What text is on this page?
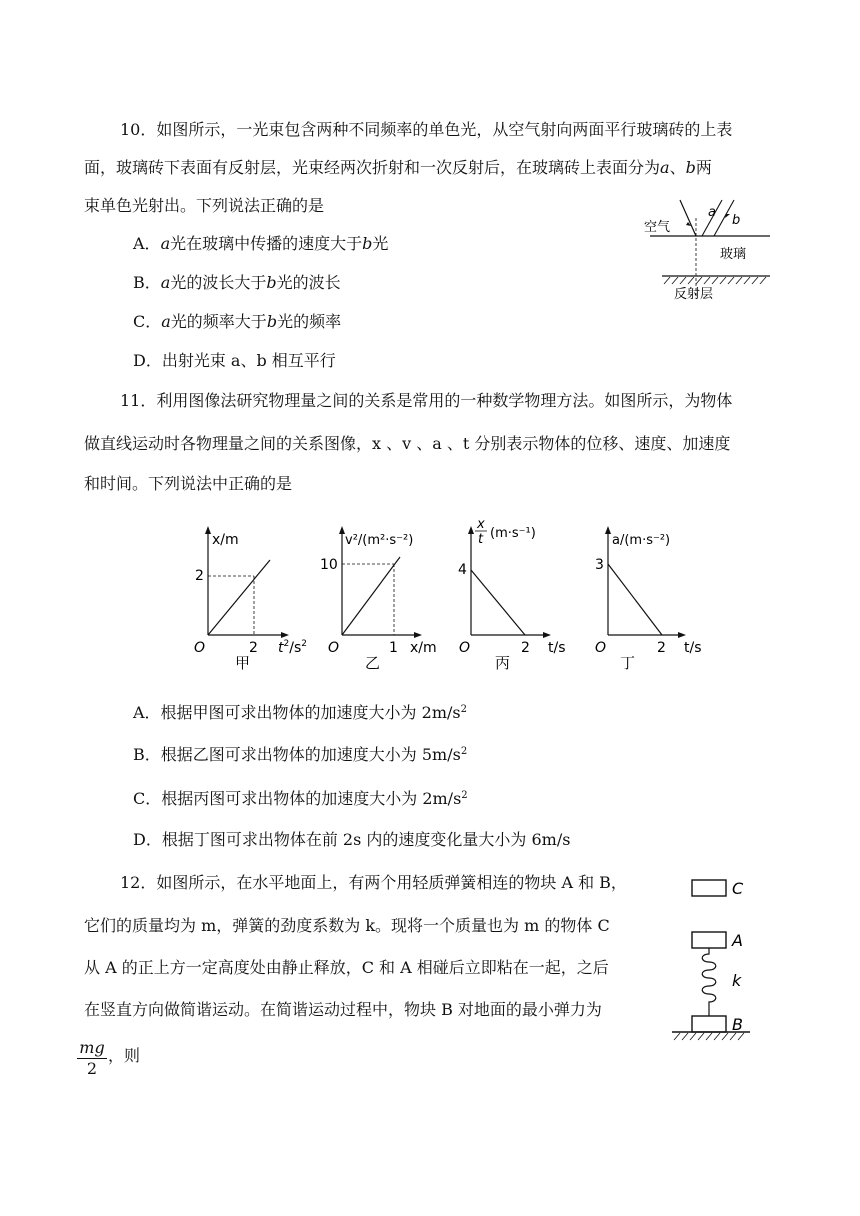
10．如图所示，一光束包含两种不同频率的单色光，从空气射向两面平行玻璃砖的上表
面，玻璃砖下表面有反射层，光束经两次折射和一次反射后，在玻璃砖上表面分为a、b两
束单色光射出。下列说法正确的是
A．a光在玻璃中传播的速度大于b光
B．a光的波长大于b光的波长
C．a光的频率大于b光的频率
D．出射光束 a、b 相互平行
空气
a
b
玻璃
反射层
11．利用图像法研究物理量之间的关系是常用的一种数学物理方法。如图所示，为物体
做直线运动时各物理量之间的关系图像，x 、v 、a 、t 分别表示物体的位移、速度、加速度
和时间。下列说法中正确的是
x/m
2
2
O	$t^2/s^2$
甲
v²/(m²·s⁻²)
10
1
O	x/m
乙
x
t (m·s⁻¹)
4
2
O	t/s
丙
a/(m·s⁻²)
3
2
O	t/s
丁
A．根据甲图可求出物体的加速度大小为 $2m/s^2$
B．根据乙图可求出物体的加速度大小为 $5m/s^2$
C．根据丙图可求出物体的加速度大小为 $2m/s^2$
D．根据丁图可求出物体在前 2s 内的速度变化量大小为 6m/s
12．如图所示，在水平地面上，有两个用轻质弹簧相连的物块 A 和 B，
它们的质量均为 m，弹簧的劲度系数为 k。现将一个质量也为 m 的物体 C
从 A 的正上方一定高度处由静止释放，C 和 A 相碰后立即粘在一起，之后
在竖直方向做简谐运动。在简谐运动过程中，物块 B 对地面的最小弹力为
$\frac{mg}{2}$ ，则
C
A
k
B
